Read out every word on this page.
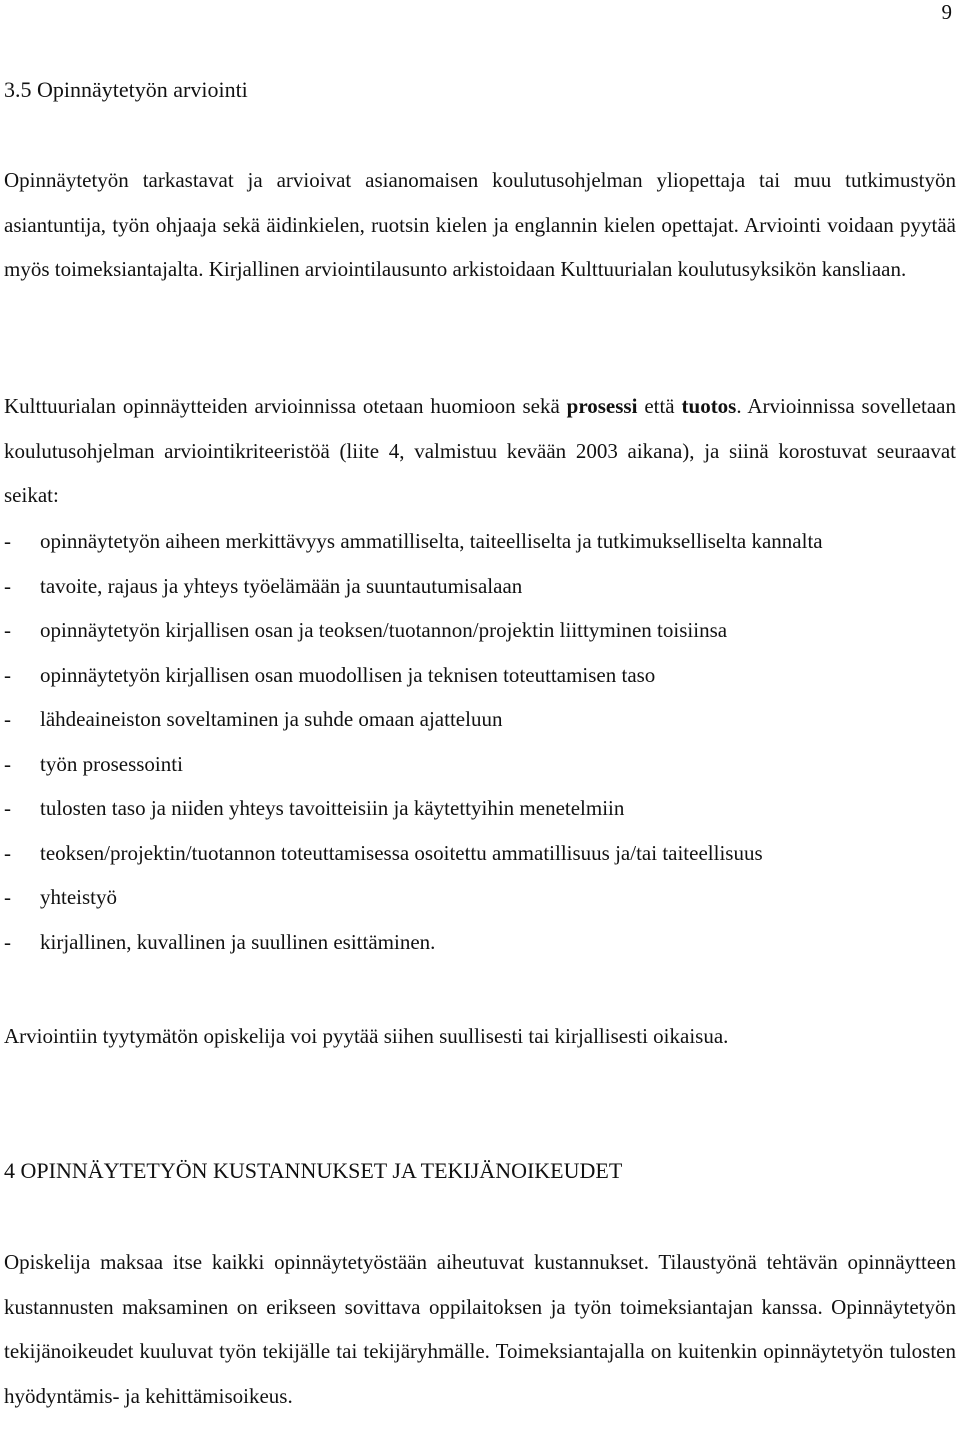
9
3.5 Opinnäytetyön arviointi

Opinnäytetyön tarkastavat ja arvioivat asianomaisen koulutusohjelman yliopettaja tai muu tutkimustyön asiantuntija, työn ohjaaja sekä äidinkielen, ruotsin kielen ja englannin kielen opettajat. Arviointi voidaan pyytää myös toimeksiantajalta. Kirjallinen arviointilausunto arkistoidaan Kulttuurialan koulutusyksikön kansliaan.

Kulttuurialan opinnäytteiden arvioinnissa otetaan huomioon sekä prosessi että tuotos. Arvioinnissa sovelletaan koulutusohjelman arviointikriteeristöä (liite 4, valmistuu kevään 2003 aikana), ja siinä korostuvat seuraavat seikat:

- opinnäytetyön aiheen merkittävyys ammatilliselta, taiteelliselta ja tutkimukselliselta kannalta
- tavoite, rajaus ja yhteys työelämään ja suuntautumisalaan
- opinnäytetyön kirjallisen osan ja teoksen/tuotannon/projektin liittyminen toisiinsa
- opinnäytetyön kirjallisen osan muodollisen ja teknisen toteuttamisen taso
- lähdeaineiston soveltaminen ja suhde omaan ajatteluun
- työn prosessointi
- tulosten taso ja niiden yhteys tavoitteisiin ja käytettyihin menetelmiin
- teoksen/projektin/tuotannon toteuttamisessa osoitettu ammatillisuus ja/tai taiteellisuus
- yhteistyö
- kirjallinen, kuvallinen ja suullinen esittäminen.

Arviointiin tyytymätön opiskelija voi pyytää siihen suullisesti tai kirjallisesti oikaisua.

4 OPINNÄYTETYÖN KUSTANNUKSET JA TEKIJÄNOIKEUDET

Opiskelija maksaa itse kaikki opinnäytetyöstään aiheutuvat kustannukset. Tilaustyönä tehtävän opinnäytteen kustannusten maksaminen on erikseen sovittava oppilaitoksen ja työn toimeksiantajan kanssa. Opinnäytetyön tekijänoikeudet kuuluvat työn tekijälle tai tekijäryhmälle. Toimeksiantajalla on kuitenkin opinnäytetyön tulosten hyödyntämis- ja kehittämisoikeus.
